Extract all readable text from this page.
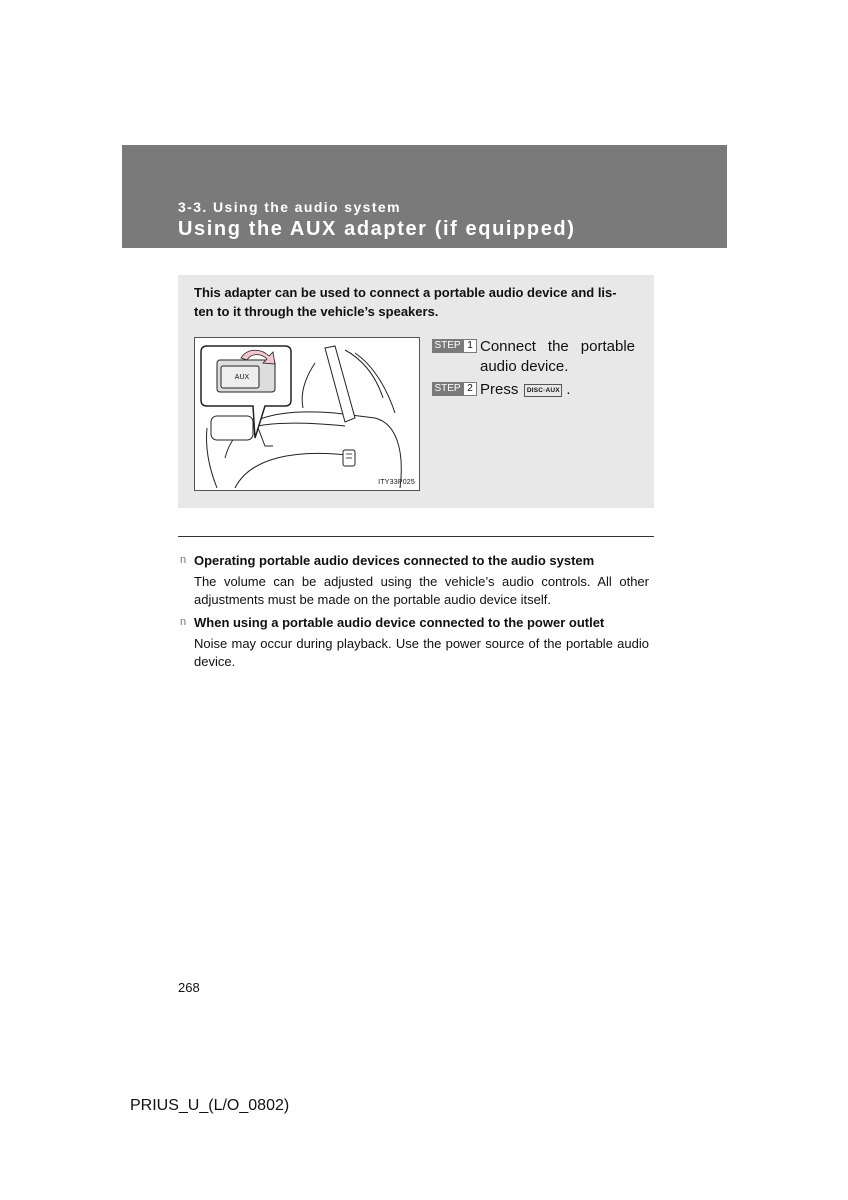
3-3. Using the audio system
Using the AUX adapter (if equipped)
This adapter can be used to connect a portable audio device and lis-ten to it through the vehicle’s speakers.
AUX
ITY33P025
STEP 1 Connect the portable audio device.
STEP 2 Press DISC·AUX .
n Operating portable audio devices connected to the audio system
The volume can be adjusted using the vehicle’s audio controls. All other adjustments must be made on the portable audio device itself.
n When using a portable audio device connected to the power outlet
Noise may occur during playback. Use the power source of the portable audio device.
268
PRIUS_U_(L/O_0802)
